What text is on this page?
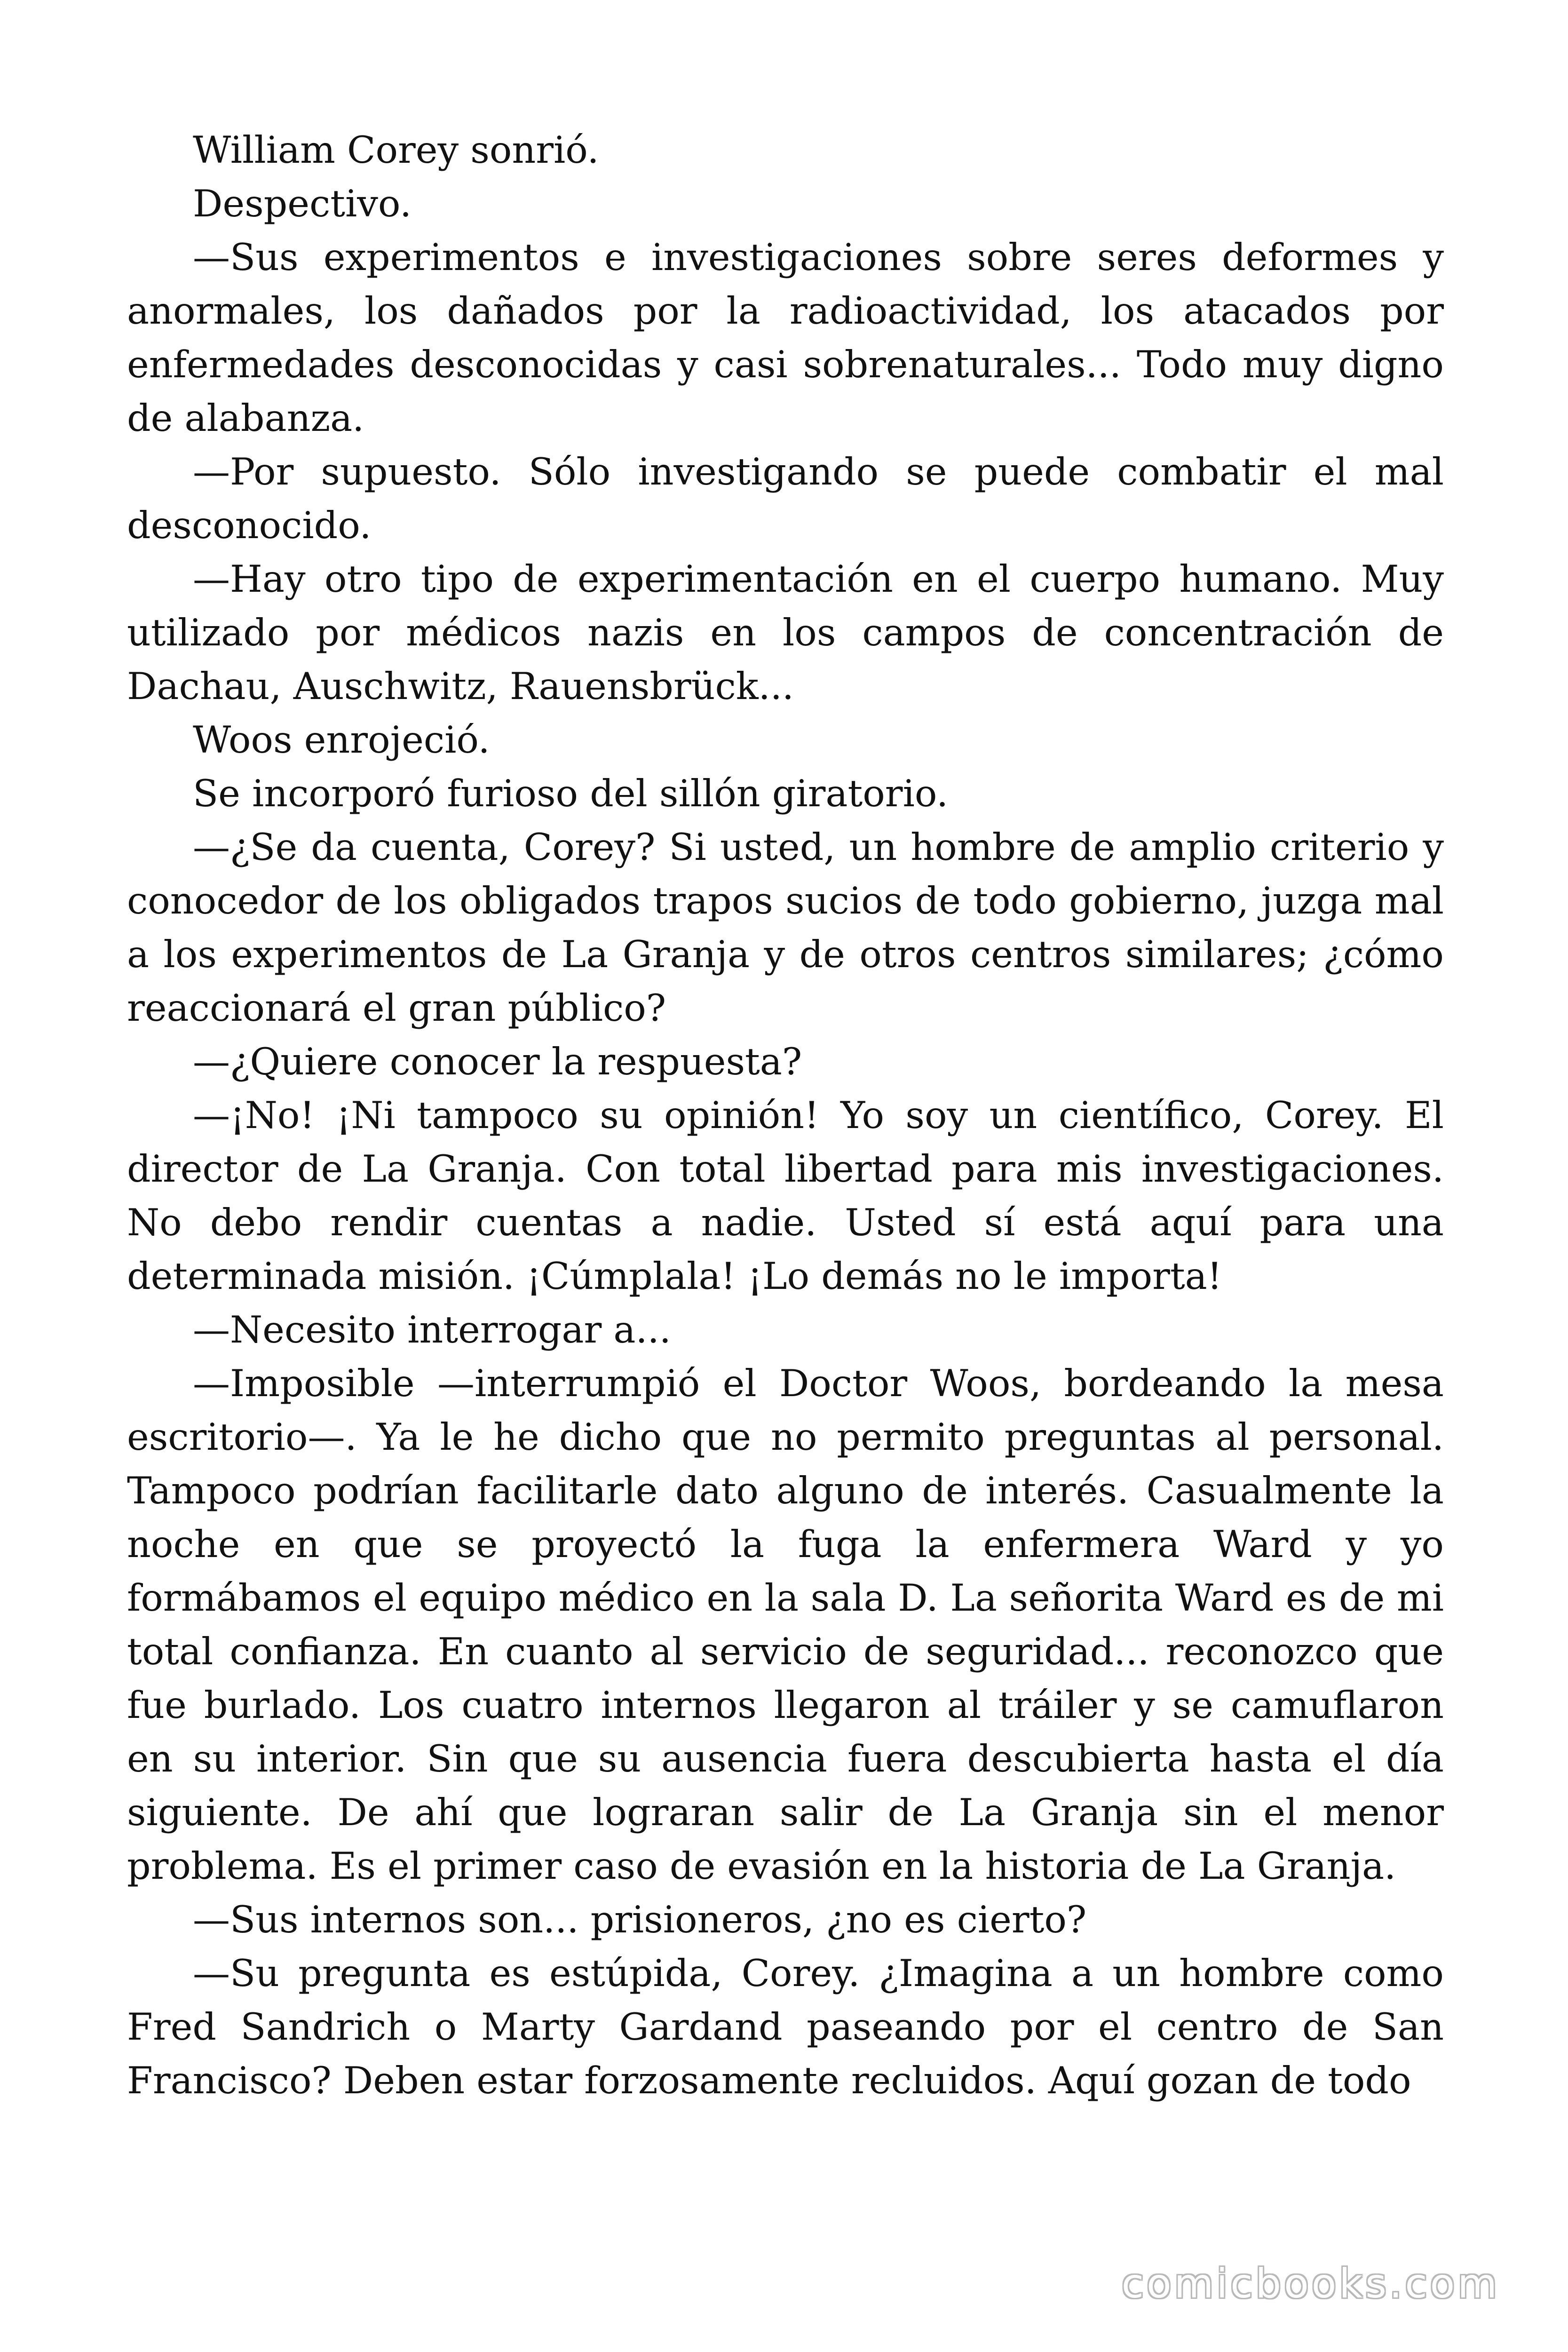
William Corey sonrió.

Despectivo.

—Sus experimentos e investigaciones sobre seres deformes y anormales, los dañados por la radioactividad, los atacados por enfermedades desconocidas y casi sobrenaturales... Todo muy digno de alabanza.

—Por supuesto. Sólo investigando se puede combatir el mal desconocido.

—Hay otro tipo de experimentación en el cuerpo humano. Muy utilizado por médicos nazis en los campos de concentración de Dachau, Auschwitz, Rauensbrück...

Woos enrojeció.

Se incorporó furioso del sillón giratorio.

—¿Se da cuenta, Corey? Si usted, un hombre de amplio criterio y conocedor de los obligados trapos sucios de todo gobierno, juzga mal a los experimentos de La Granja y de otros centros similares; ¿cómo reaccionará el gran público?

—¿Quiere conocer la respuesta?

—¡No! ¡Ni tampoco su opinión! Yo soy un científico, Corey. El director de La Granja. Con total libertad para mis investigaciones. No debo rendir cuentas a nadie. Usted sí está aquí para una determinada misión. ¡Cúmplala! ¡Lo demás no le importa!

—Necesito interrogar a...

—Imposible —interrumpió el Doctor Woos, bordeando la mesa escritorio—. Ya le he dicho que no permito preguntas al personal. Tampoco podrían facilitarle dato alguno de interés. Casualmente la noche en que se proyectó la fuga la enfermera Ward y yo formábamos el equipo médico en la sala D. La señorita Ward es de mi total confianza. En cuanto al servicio de seguridad... reconozco que fue burlado. Los cuatro internos llegaron al tráiler y se camuflaron en su interior. Sin que su ausencia fuera descubierta hasta el día siguiente. De ahí que lograran salir de La Granja sin el menor problema. Es el primer caso de evasión en la historia de La Granja.

—Sus internos son... prisioneros, ¿no es cierto?

—Su pregunta es estúpida, Corey. ¿Imagina a un hombre como Fred Sandrich o Marty Gardand paseando por el centro de San Francisco? Deben estar forzosamente recluidos. Aquí gozan de todo

comicbooks.com
